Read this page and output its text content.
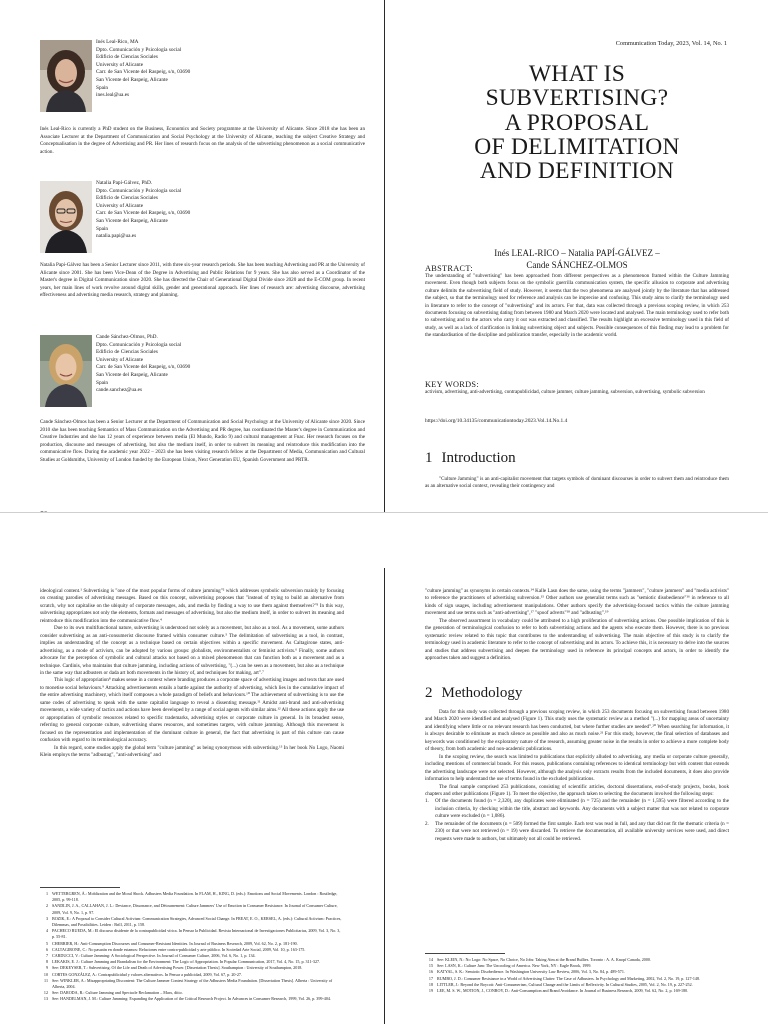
Inés Leal-Rico, MA
Dpto. Comunicación y Psicología social
Edificio de Ciencias Sociales
University of Alicante
Carr. de San Vicente del Raspeig, s/n, 03690
San Vicente del Raspeig, Alicante
Spain
ines.leal@ua.es
Inés Leal-Rico is currently a PhD student on the Business, Economics and Society programme at the University of Alicante. Since 2018 she has been an Associate Lecturer at the Department of Communication and Social Psychology at the University of Alicante, teaching the subject Creative Strategy and Conceptualisation in the degree of Advertising and PR. Her lines of research focus on the analysis of the subvertising phenomenon as a social communicative action.
Natalia Papí-Gálvez, PhD.
Dpto. Comunicación y Psicología social
Edificio de Ciencias Sociales
University of Alicante
Carr. de San Vicente del Raspeig, s/n, 03690
San Vicente del Raspeig, Alicante
Spain
natalia.papi@ua.es
Natalia Papí-Gálvez has been a Senior Lecturer since 2011, with three six-year research periods. She has been teaching Advertising and PR at the University of Alicante since 2001. She has been Vice-Dean of the Degree in Advertising and Public Relations for 9 years. She has also served as a Coordinator of the Master's degree in Digital Communication since 2020. She has directed the Chair of Generational Digital Divide since 2020 and the E-COM group. In recent years, her main lines of work revolve around digital skills, gender and generational approach. Her lines of research are: advertising discourse, advertising effectiveness and advertising media research, strategy and planning.
Cande Sánchez-Olmos, PhD.
Dpto. Comunicación y Psicología social
Edificio de Ciencias Sociales
University of Alicante
Carr. de San Vicente del Raspeig, s/n, 03690
San Vicente del Raspeig, Alicante
Spain
cande.sanchez@ua.es
Cande Sánchez-Olmos has been a Senior Lecturer at the Department of Communication and Social Psychology at the University of Alicante since 2020. Since 2010 she has been teaching Semantics of Mass Communication on the Advertising and PR degree, has coordinated the Master's degree in Communication and Creative Industries and she has 12 years of experience between media (El Mundo, Radio 9) and cultural management at Fnac. Her research focuses on the production, discourse and messages of advertising, but also the medium itself, in order to subvert its meaning and reintroduce this modification into the communicative flow. During the academic year 2022 – 2023 she has been visiting research fellow at the Department of Media, Communication and Cultural Studies at Goldsmiths, University of London funded by the European Union, Next Generation EU, Spanish Government and PRTR.
Communication Today, 2023, Vol. 14, No. 1
WHAT IS
SUBVERTISING?
A PROPOSAL
OF DELIMITATION
AND DEFINITION
Inés LEAL-RICO – Natalia PAPÍ-GÁLVEZ –
Cande SÁNCHEZ-OLMOS
ABSTRACT:
The understanding of "subvertising" has been approached from different perspectives as a phenomenon framed within the Culture Jamming movement. Even though both subjects focus on the symbolic guerrilla communication system, the specific allusion to corporate and advertising culture delimits the subvertising field of study. However, it seems that the two phenomena are analysed jointly by the literature that has addressed the subject, so that the terminology used for reference and analysis can be imprecise and confusing. This study aims to clarify the terminology used in literature to refer to the concept of "subvertising" and its actors. For that, data was collected through a previous scoping review, in which 253 documents focusing on subvertising dating from between 1980 and March 2020 were located and analysed. The main terminology used to refer both to subvertising and to the actors who carry it out was extracted and classified. The results highlight an excessive terminology used in this field of study, as well as a lack of clarification in linking subvertising object and subjects. Possible consequences of this finding may lead to a problem for the standardisation of the discipline and publication transfer, especially in the academic world.
KEY WORDS:
activism, advertising, anti-advertising, contrapublicidad, culture jammer, culture jamming, subversion, subvertising, symbolic subversion
https://doi.org/10.34135/communicationtoday.2023.Vol.14.No.1.4
1 Introduction

"Culture Jamming" is an anti-capitalist movement that targets symbols of dominant discourses in order to subvert them and reintroduce them as an alternative social context, revealing their contingency and

ideological content.¹ Subvertising is "one of the most popular forms of culture jamming"² which addresses symbolic subversion mainly by focusing on creating parodies of advertising messages. Based on this concept, subvertising proposes that "instead of trying to build an alternative from scratch, why not capitalise on the ubiquity of corporate messages, ads, and media by finding a way to use them against themselves?"³ In this way, subvertising appropriates not only the elements, formats and messages of advertising, but also the medium itself, in order to subvert its meaning and reintroduce this modification into the communicative flow.⁴

Due to its own multifunctional nature, subvertising is understood not solely as a movement, but also as a tool. As a movement, some authors consider subvertising as an anti-consumerist discourse framed within consumer culture.⁵ The delimitation of subvertising as a tool, in contrast, implies an understanding of the concept as a technique based on certain objectives within a specific movement. As Caltagirone states, anti-advertising, as a mode of activism, can be adopted by various groups: globalists, environmentalists or feminist activists.⁶ Finally, some authors advocate for the perception of symbolic and cultural attacks not based on a mixed phenomenon that can function both as a movement and as a technique. Cardinis, who maintains that culture jamming, including actions of subvertising, "(...) can be seen as a movement, but also as a technique in the same way that adbusters or dada art both movements in the history of, and techniques for making, art".⁷

This logic of appropriation⁸ makes sense in a context where branding produces a corporate space of advertising images and texts that are used to monetise social behaviours.⁹ Attacking advertisements entails a battle against the authority of advertising, which lies in the cumulative impact of the entire advertising machinery, which itself composes a whole paradigm of beliefs and behaviours.¹⁰ The achievement of subvertising is to use the same codes of advertising to speak with the same capitalist language to reveal a dissenting message.¹¹ Amidst anti-brand and anti-advertising movements, a wide variety of tactics and actions have been developed by a range of social agents with similar aims.¹² All these actions apply the use or appropriation of symbolic resources related to specific trademarks, advertising styles or corporate culture in general. In its broadest sense, referring to general corporate culture, subvertising shares resources, and sometimes targets, with culture jamming. Although this movement is focused on the representation and implementation of the dominant culture in general, the fact that advertising is part of this culture can cause confusion with regard to its terminological accuracy.

In this regard, some studies apply the global term "culture jamming" as being synonymous with subvertising.¹³ In her book No Logo, Naomi Klein employs the terms "adbustag", "anti-advertising" and

1 WETTERGREN, Å.: Moblization and the Moral Shock. Adbusters Media Foundation. In FLAM, H., KING, D. (eds.): Emotions and Social Movements. London : Routledge, 2005, p. 99-118.
2 SANDLIN, J. A., CALLAHAN, J. L.: Deviance, Dissonance, and Détournement: Culture Jammers' Use of Emotion in Consumer Resistance. In Journal of Consumer Culture, 2009, Vol. 9, No. 1, p. 97.
3 BOZIK, E.: A Proposal to Consider Cultural Activism: Communication Strategies, Advanced Social Change. In FREAT, E. O., KERSEL, A. (eds.): Cultural Activism: Practices, Dilemmas, and Possibilities. Leiden : Brill, 2011, p. 158.
4 PACHECO RUEDA, M.: El discurso disidente de la contrapublicidad vírica. In Pensar la Publicidad. Revista Internacional de Investigaciones Publicitarias, 2009, Vol. 3, No. 3, p. 55-81.
5 CHERRIER, H.: Anti-Consumption Discourses and Consumer-Resistant Identities. In Journal of Business Research, 2009, Vol. 62, No. 2, p. 181-190.
6 CALTAGIRONE, C.: No pasarán en donde estamos: Relaciones entre contra-publicidad y arte público. In Sociedad Arte Social, 2009, Vol. 10, p. 163-175.
7 CARDUCCI, V.: Culture Jamming: A Sociological Perspective. In Journal of Consumer Culture, 2006, Vol. 6, No. 1, p. 134.
8 LEKAKIS, E. J.: Culture Jamming and Brandalism for the Environment: The Logic of Appropriation. In Popular Communication, 2017, Vol. 4, No. 15, p. 311-327.
9 See: DEKEYSER, T.: Subvertising. Of the Life and Death of Advertising Power. [Dissertation Thesis]. Southampton : University of Southampton, 2018.
10 CORTES GONZÁLEZ, A.: Contrapublicidad y valores alternativos. In Pensar a publicidad, 2009, Vol. 67, p. 20-27.
11 See: WINKLER, A.: Misappropriating Discontent: The Culture Jammer Contest Strategy of the Adbusters Media Foundation. [Dissertation Thesis]. Alberta : University of Alberta, 2004.
12 See: DARODA, R.: Culture Jamming and Spectacle Reclamation – Marx, ditto.
13 See: HANDELMAN, J. M.: Culture Jamming: Expanding the Application of the Critical Research Project. In Advances in Consumer Research, 1999, Vol. 26, p. 399-404.

"culture jamming" as synonyms in certain contexts.¹⁴ Kalle Lasn does the same, using the terms "jammers", "culture jammers" and "media activists" to reference the practitioners of advertising subversion.¹⁵ Other authors use generalist terms such as "semiotic disobedience"¹⁶ in reference to all kinds of sign usages, including advertisement manipulations. Other authors specify the advertising-focused tactics within the culture jamming movement and use terms such as "anti-advertising",¹⁷ "spoof adverts"¹⁸ and "adbusting".¹⁹

The observed assortment in vocabulary could be attributed to a high proliferation of subvertising actions. One possible implication of this is the generation of terminological confusion to refer to both subvertising actions and the agents who execute them. However, there is no previous systematic review related to this topic that contributes to the understanding of subvertising. The main objective of this study is to clarify the terminology used in academic literature to refer to the concept of subvertising and its actors. To achieve this, it is necessary to delve into the sources and studies that address subvertising and deepen the terminology used in reference its principal concepts and actors, in order to identify the approaches taken and suggest a definition.

2 Methodology

Data for this study was collected through a previous scoping review, in which 253 documents focusing on subvertising found between 1980 and March 2020 were identified and analysed (Figure 1). This study uses the systematic review as a method "(...) for mapping areas of uncertainty and identifying where little or no relevant research has been conducted, but where further studies are needed".²⁰ When searching for information, it is always desirable to eliminate as much silence as possible and also as much noise.²¹ For this study, however, the final selection of databases and keywords was conditioned by the exploratory nature of the research, assuming greater noise in the results in order to achieve a more complete body of theory, from both academic and non-academic publications.

In the scoping review, the search was limited to publications that explicitly alluded to advertising, any media or corporate culture generally, including mentions of commercial brands. For this reason, publications containing references to identical terminology but with content that extends the advertising landscape were not selected. However, although the analysis only extracts results from the included documents, it does also provide information to help understand the use of terms found in the excluded publications.

The final sample comprised 253 publications, consisting of scientific articles, doctoral dissertations, end-of-study projects, books, book chapters and other publications (Figure 1). To meet the objective, the approach taken to selecting the documents involved the following steps:

1.	Of the documents found (n = 2,320), any duplicates were eliminated (n = 725) and the remainder (n = 1,595) were filtered according to the inclusion criteria, by checking within the title, abstract and keywords. Any documents with a subject matter that was not related to corporate culture were excluded (n = 1,086).
2.	The remainder of the documents (n = 509) formed the first sample. Each text was read in full, and any that did not fit the thematic criteria (n = 230) or that were not retrieved (n = 19) were discarded. To retrieve the documentation, all available university services were used, and direct requests were made to authors, but ultimately not all could be retrieved.
14 See: KLEIN, N.: No Logo: No Space, No Choice, No Jobs: Taking Aim at the Brand Bullies. Toronto : A. A. Knopf Canada, 2000.
15 See: LASN, K.: Culture Jam: The Uncooling of America. New York, NY : Eagle Brook, 1999.
16 KATYAL, S. K.: Semiotic Disobedience. In Washington University Law Review, 2006, Vol. 3, No. 84, p. 489-571.
17 RUMBO, J. D.: Consumer Resistance in a World of Advertising Clutter: The Case of Adbusters. In Psychology and Marketing, 2002, Vol. 2, No. 19, p. 127-148.
18 LITTLER, J.: Beyond the Boycott: Anti-Consumerism, Cultural Change and the Limits of Reflexivity. In Cultural Studies, 2005, Vol. 2, No. 19, p. 227-252.
19 LEE, M. S. W., MOTION, J., CONROY, D.: Anti-Consumption and Brand Avoidance. In Journal of Business Research, 2009, Vol. 62, No. 2, p. 169-180.
